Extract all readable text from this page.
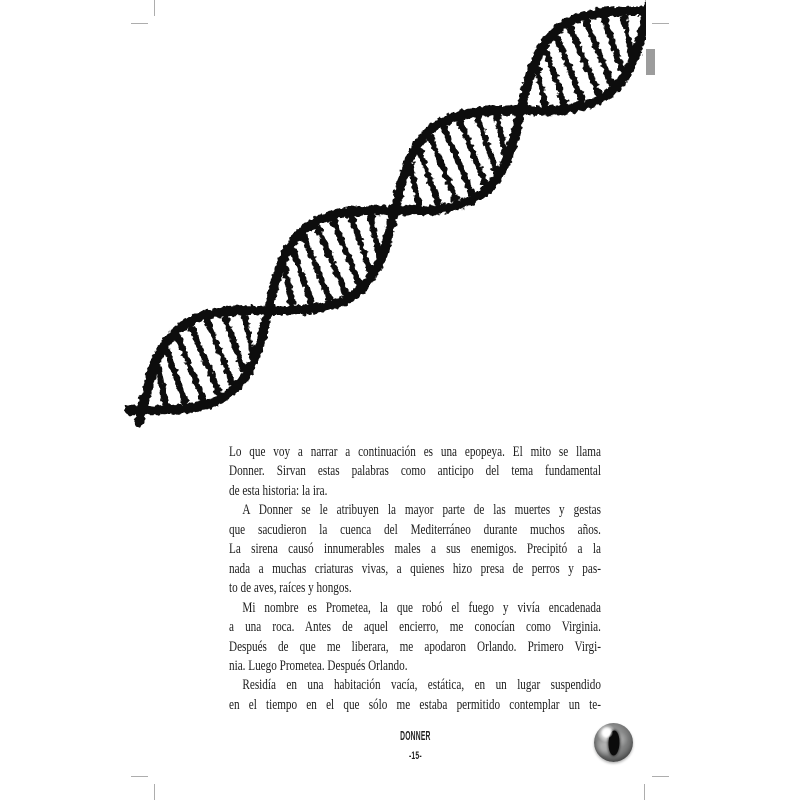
Lo que voy a narrar a continuación es una epopeya. El mito se llama
Donner. Sirvan estas palabras como anticipo del tema fundamental
de esta historia: la ira.
A Donner se le atribuyen la mayor parte de las muertes y gestas
que sacudieron la cuenca del Mediterráneo durante muchos años.
La sirena causó innumerables males a sus enemigos. Precipitó a la
nada a muchas criaturas vivas, a quienes hizo presa de perros y pas-
to de aves, raíces y hongos.
Mi nombre es Prometea, la que robó el fuego y vivía encadenada
a una roca. Antes de aquel encierro, me conocían como Virginia.
Después de que me liberara, me apodaron Orlando. Primero Virgi-
nia. Luego Prometea. Después Orlando.
Residía en una habitación vacía, estática, en un lugar suspendido
en el tiempo en el que sólo me estaba permitido contemplar un te-
DONNER
-15-
